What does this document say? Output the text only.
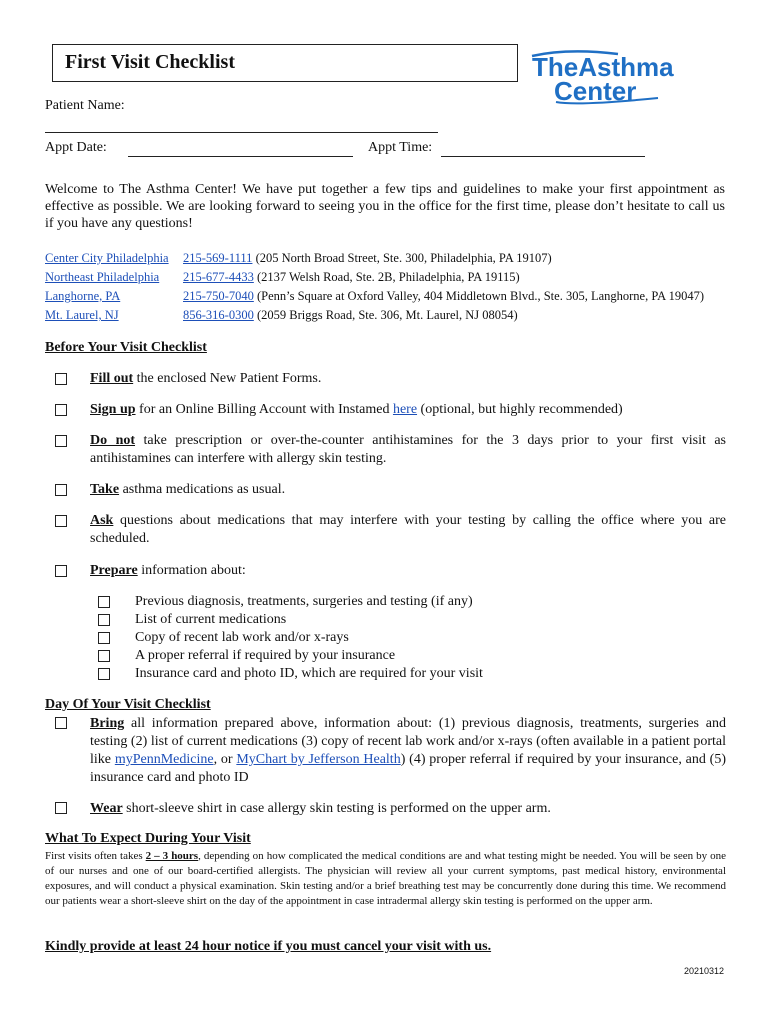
First Visit Checklist	TheAsthma
Center
Patient Name:
Appt Date:	Appt Time:
Welcome to The Asthma Center! We have put together a few tips and guidelines to make your first appointment as effective as possible. We are looking forward to seeing you in the office for the first time, please don’t hesitate to call us if you have any questions!
Center City Philadelphia 215-569-1111 (205 North Broad Street, Ste. 300, Philadelphia, PA 19107)
Northeast Philadelphia 215-677-4433 (2137 Welsh Road, Ste. 2B, Philadelphia, PA 19115)
Langhorne, PA	215-750-7040 (Penn’s Square at Oxford Valley, 404 Middletown Blvd., Ste. 305, Langhorne, PA 19047)
Mt. Laurel, NJ	856-316-0300 (2059 Briggs Road, Ste. 306, Mt. Laurel, NJ 08054)
Before Your Visit Checklist
Fill out the enclosed New Patient Forms.
Sign up for an Online Billing Account with Instamed here (optional, but highly recommended)
Do not take prescription or over-the-counter antihistamines for the 3 days prior to your first visit as antihistamines can interfere with allergy skin testing.
Take asthma medications as usual.
Ask questions about medications that may interfere with your testing by calling the office where you are scheduled.
Prepare information about:
Previous diagnosis, treatments, surgeries and testing (if any)
List of current medications
Copy of recent lab work and/or x-rays
A proper referral if required by your insurance
Insurance card and photo ID, which are required for your visit
Day Of Your Visit Checklist
Bring all information prepared above, information about: (1) previous diagnosis, treatments, surgeries and testing (2) list of current medications (3) copy of recent lab work and/or x-rays (often available in a patient portal like myPennMedicine, or MyChart by Jefferson Health) (4) proper referral if required by your insurance, and (5) insurance card and photo ID
Wear short-sleeve shirt in case allergy skin testing is performed on the upper arm.
What To Expect During Your Visit
First visits often takes 2 – 3 hours, depending on how complicated the medical conditions are and what testing might be needed. You will be seen by one of our nurses and one of our board-certified allergists. The physician will review all your current symptoms, past medical history, environmental exposures, and will conduct a physical examination. Skin testing and/or a brief breathing test may be concurrently done during this time. We recommend our patients wear a short-sleeve shirt on the day of the appointment in case intradermal allergy skin testing is performed on the upper arm.
Kindly provide at least 24 hour notice if you must cancel your visit with us.
20210312
